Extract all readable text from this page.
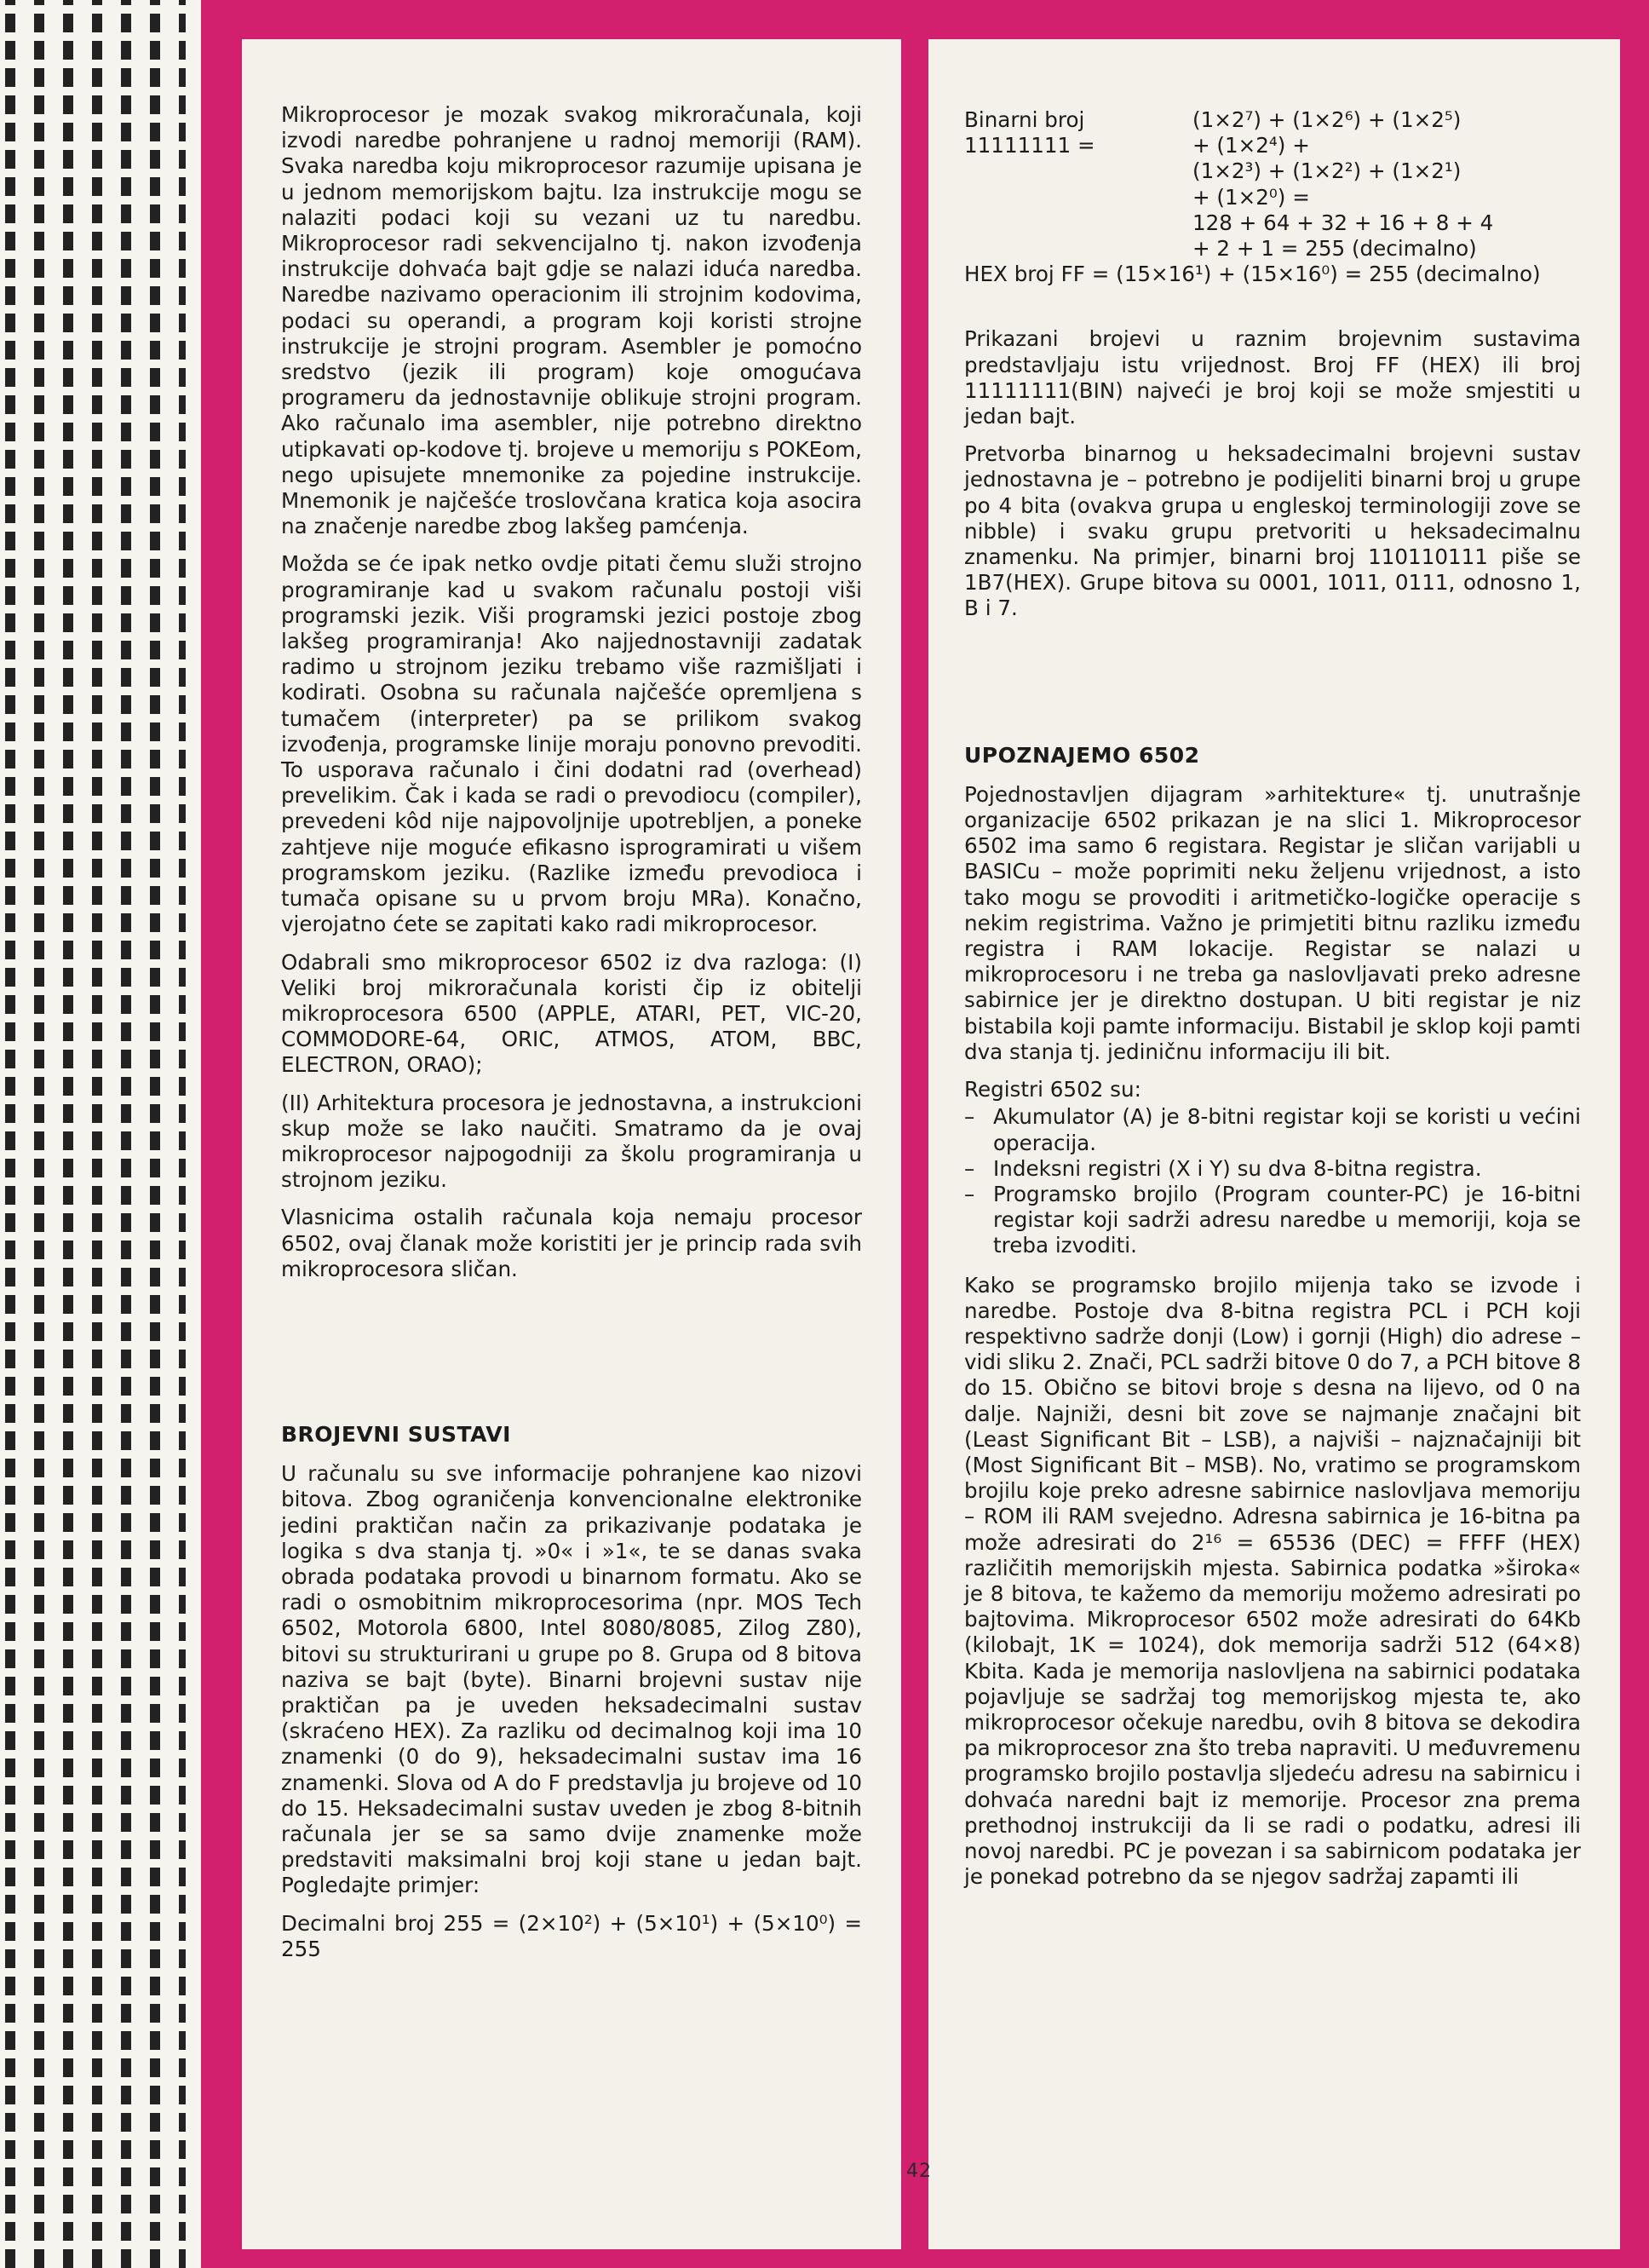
Mikroprocesor je mozak svakog mikroračunala, koji izvodi naredbe pohranjene u radnoj memoriji (RAM). Svaka naredba koju mikroprocesor razumije upisana je u jednom memorijskom bajtu. Iza instrukcije mogu se nalaziti podaci koji su vezani uz tu naredbu. Mikroprocesor radi sekvencijalno tj. nakon izvođenja instrukcije dohvaća bajt gdje se nalazi iduća naredba. Naredbe nazivamo operacionim ili strojnim kodovima, podaci su operandi, a program koji koristi strojne instrukcije je strojni program. Asembler je pomoćno sredstvo (jezik ili program) koje omogućava programeru da jednostavnije oblikuje strojni program. Ako računalo ima asembler, nije potrebno direktno utipkavati op-kodove tj. brojeve u memoriju s POKEom, nego upisujete mnemonike za pojedine instrukcije. Mnemonik je najčešće troslovčana kratica koja asocira na značenje naredbe zbog lakšeg pamćenja.

Možda se će ipak netko ovdje pitati čemu služi strojno programiranje kad u svakom računalu postoji viši programski jezik. Viši programski jezici postoje zbog lakšeg programiranja! Ako najjednostavniji zadatak radimo u strojnom jeziku trebamo više razmišljati i kodirati. Osobna su računala najčešće opremljena s tumačem (interpreter) pa se prilikom svakog izvođenja, programske linije moraju ponovno prevoditi. To usporava računalo i čini dodatni rad (overhead) prevelikim. Čak i kada se radi o prevodiocu (compiler), prevedeni kôd nije najpovoljnije upotrebljen, a poneke zahtjeve nije moguće efikasno isprogramirati u višem programskom jeziku. (Razlike između prevodioca i tumača opisane su u prvom broju MRa). Konačno, vjerojatno ćete se zapitati kako radi mikroprocesor.

Odabrali smo mikroprocesor 6502 iz dva razloga: (I) Veliki broj mikroračunala koristi čip iz obitelji mikroprocesora 6500 (APPLE, ATARI, PET, VIC-20, COMMODORE-64, ORIC, ATMOS, ATOM, BBC, ELECTRON, ORAO);

(II) Arhitektura procesora je jednostavna, a instrukcioni skup može se lako naučiti. Smatramo da je ovaj mikroprocesor najpogodniji za školu programiranja u strojnom jeziku.

Vlasnicima ostalih računala koja nemaju procesor 6502, ovaj članak može koristiti jer je princip rada svih mikroprocesora sličan.

BROJEVNI SUSTAVI

U računalu su sve informacije pohranjene kao nizovi bitova. Zbog ograničenja konvencionalne elektronike jedini praktičan način za prikazivanje podataka je logika s dva stanja tj. »0« i »1«, te se danas svaka obrada podataka provodi u binarnom formatu. Ako se radi o osmobitnim mikroprocesorima (npr. MOS Tech 6502, Motorola 6800, Intel 8080/8085, Zilog Z80), bitovi su strukturirani u grupe po 8. Grupa od 8 bitova naziva se bajt (byte). Binarni brojevni sustav nije praktičan pa je uveden heksadecimalni sustav (skraćeno HEX). Za razliku od decimalnog koji ima 10 znamenki (0 do 9), heksadecimalni sustav ima 16 znamenki. Slova od A do F predstavlja ju brojeve od 10 do 15. Heksadecimalni sustav uveden je zbog 8-bitnih računala jer se sa samo dvije znamenke može predstaviti maksimalni broj koji stane u jedan bajt. Pogledajte primjer:

Decimalni broj 255 = (2×10²) + (5×10¹) + (5×10⁰) = 255

Binarni broj 11111111 =
(1×2⁷) + (1×2⁶) + (1×2⁵)
+ (1×2⁴) +
(1×2³) + (1×2²) + (1×2¹)
+ (1×2⁰) =
128 + 64 + 32 + 16 + 8 + 4
+ 2 + 1 = 255 (decimalno)

HEX broj FF = (15×16¹) + (15×16⁰) = 255 (decimalno)

Prikazani brojevi u raznim brojevnim sustavima predstavljaju istu vrijednost. Broj FF (HEX) ili broj 11111111(BIN) najveći je broj koji se može smjestiti u jedan bajt.

Pretvorba binarnog u heksadecimalni brojevni sustav jednostavna je – potrebno je podijeliti binarni broj u grupe po 4 bita (ovakva grupa u engleskoj terminologiji zove se nibble) i svaku grupu pretvoriti u heksadecimalnu znamenku. Na primjer, binarni broj 110110111 piše se 1B7(HEX). Grupe bitova su 0001, 1011, 0111, odnosno 1, B i 7.

UPOZNAJEMO 6502

Pojednostavljen dijagram »arhitekture« tj. unutrašnje organizacije 6502 prikazan je na slici 1. Mikroprocesor 6502 ima samo 6 registara. Registar je sličan varijabli u BASICu – može poprimiti neku željenu vrijednost, a isto tako mogu se provoditi i aritmetičko-logičke operacije s nekim registrima. Važno je primjetiti bitnu razliku između registra i RAM lokacije. Registar se nalazi u mikroprocesoru i ne treba ga naslovljavati preko adresne sabirnice jer je direktno dostupan. U biti registar je niz bistabila koji pamte informaciju. Bistabil je sklop koji pamti dva stanja tj. jediničnu informaciju ili bit.

Registri 6502 su:

– Akumulator (A) je 8-bitni registar koji se koristi u većini operacija.
– Indeksni registri (X i Y) su dva 8-bitna registra.
– Programsko brojilo (Program counter-PC) je 16-bitni registar koji sadrži adresu naredbe u memoriji, koja se treba izvoditi.

Kako se programsko brojilo mijenja tako se izvode i naredbe. Postoje dva 8-bitna registra PCL i PCH koji respektivno sadrže donji (Low) i gornji (High) dio adrese – vidi sliku 2. Znači, PCL sadrži bitove 0 do 7, a PCH bitove 8 do 15. Obično se bitovi broje s desna na lijevo, od 0 na dalje. Najniži, desni bit zove se najmanje značajni bit (Least Significant Bit – LSB), a najviši – najznačajniji bit (Most Significant Bit – MSB). No, vratimo se programskom brojilu koje preko adresne sabirnice naslovljava memoriju – ROM ili RAM svejedno. Adresna sabirnica je 16-bitna pa može adresirati do 2¹⁶ = 65536 (DEC) = FFFF (HEX) različitih memorijskih mjesta. Sabirnica podatka »široka« je 8 bitova, te kažemo da memoriju možemo adresirati po bajtovima. Mikroprocesor 6502 može adresirati do 64Kb (kilobajt, 1K = 1024), dok memorija sadrži 512 (64×8) Kbita. Kada je memorija naslovljena na sabirnici podataka pojavljuje se sadržaj tog memorijskog mjesta te, ako mikroprocesor očekuje naredbu, ovih 8 bitova se dekodira pa mikroprocesor zna što treba napraviti. U međuvremenu programsko brojilo postavlja sljedeću adresu na sabirnicu i dohvaća naredni bajt iz memorije. Procesor zna prema prethodnoj instrukciji da li se radi o podatku, adresi ili novoj naredbi. PC je povezan i sa sabirnicom podataka jer je ponekad potrebno da se njegov sadržaj zapamti ili

42
